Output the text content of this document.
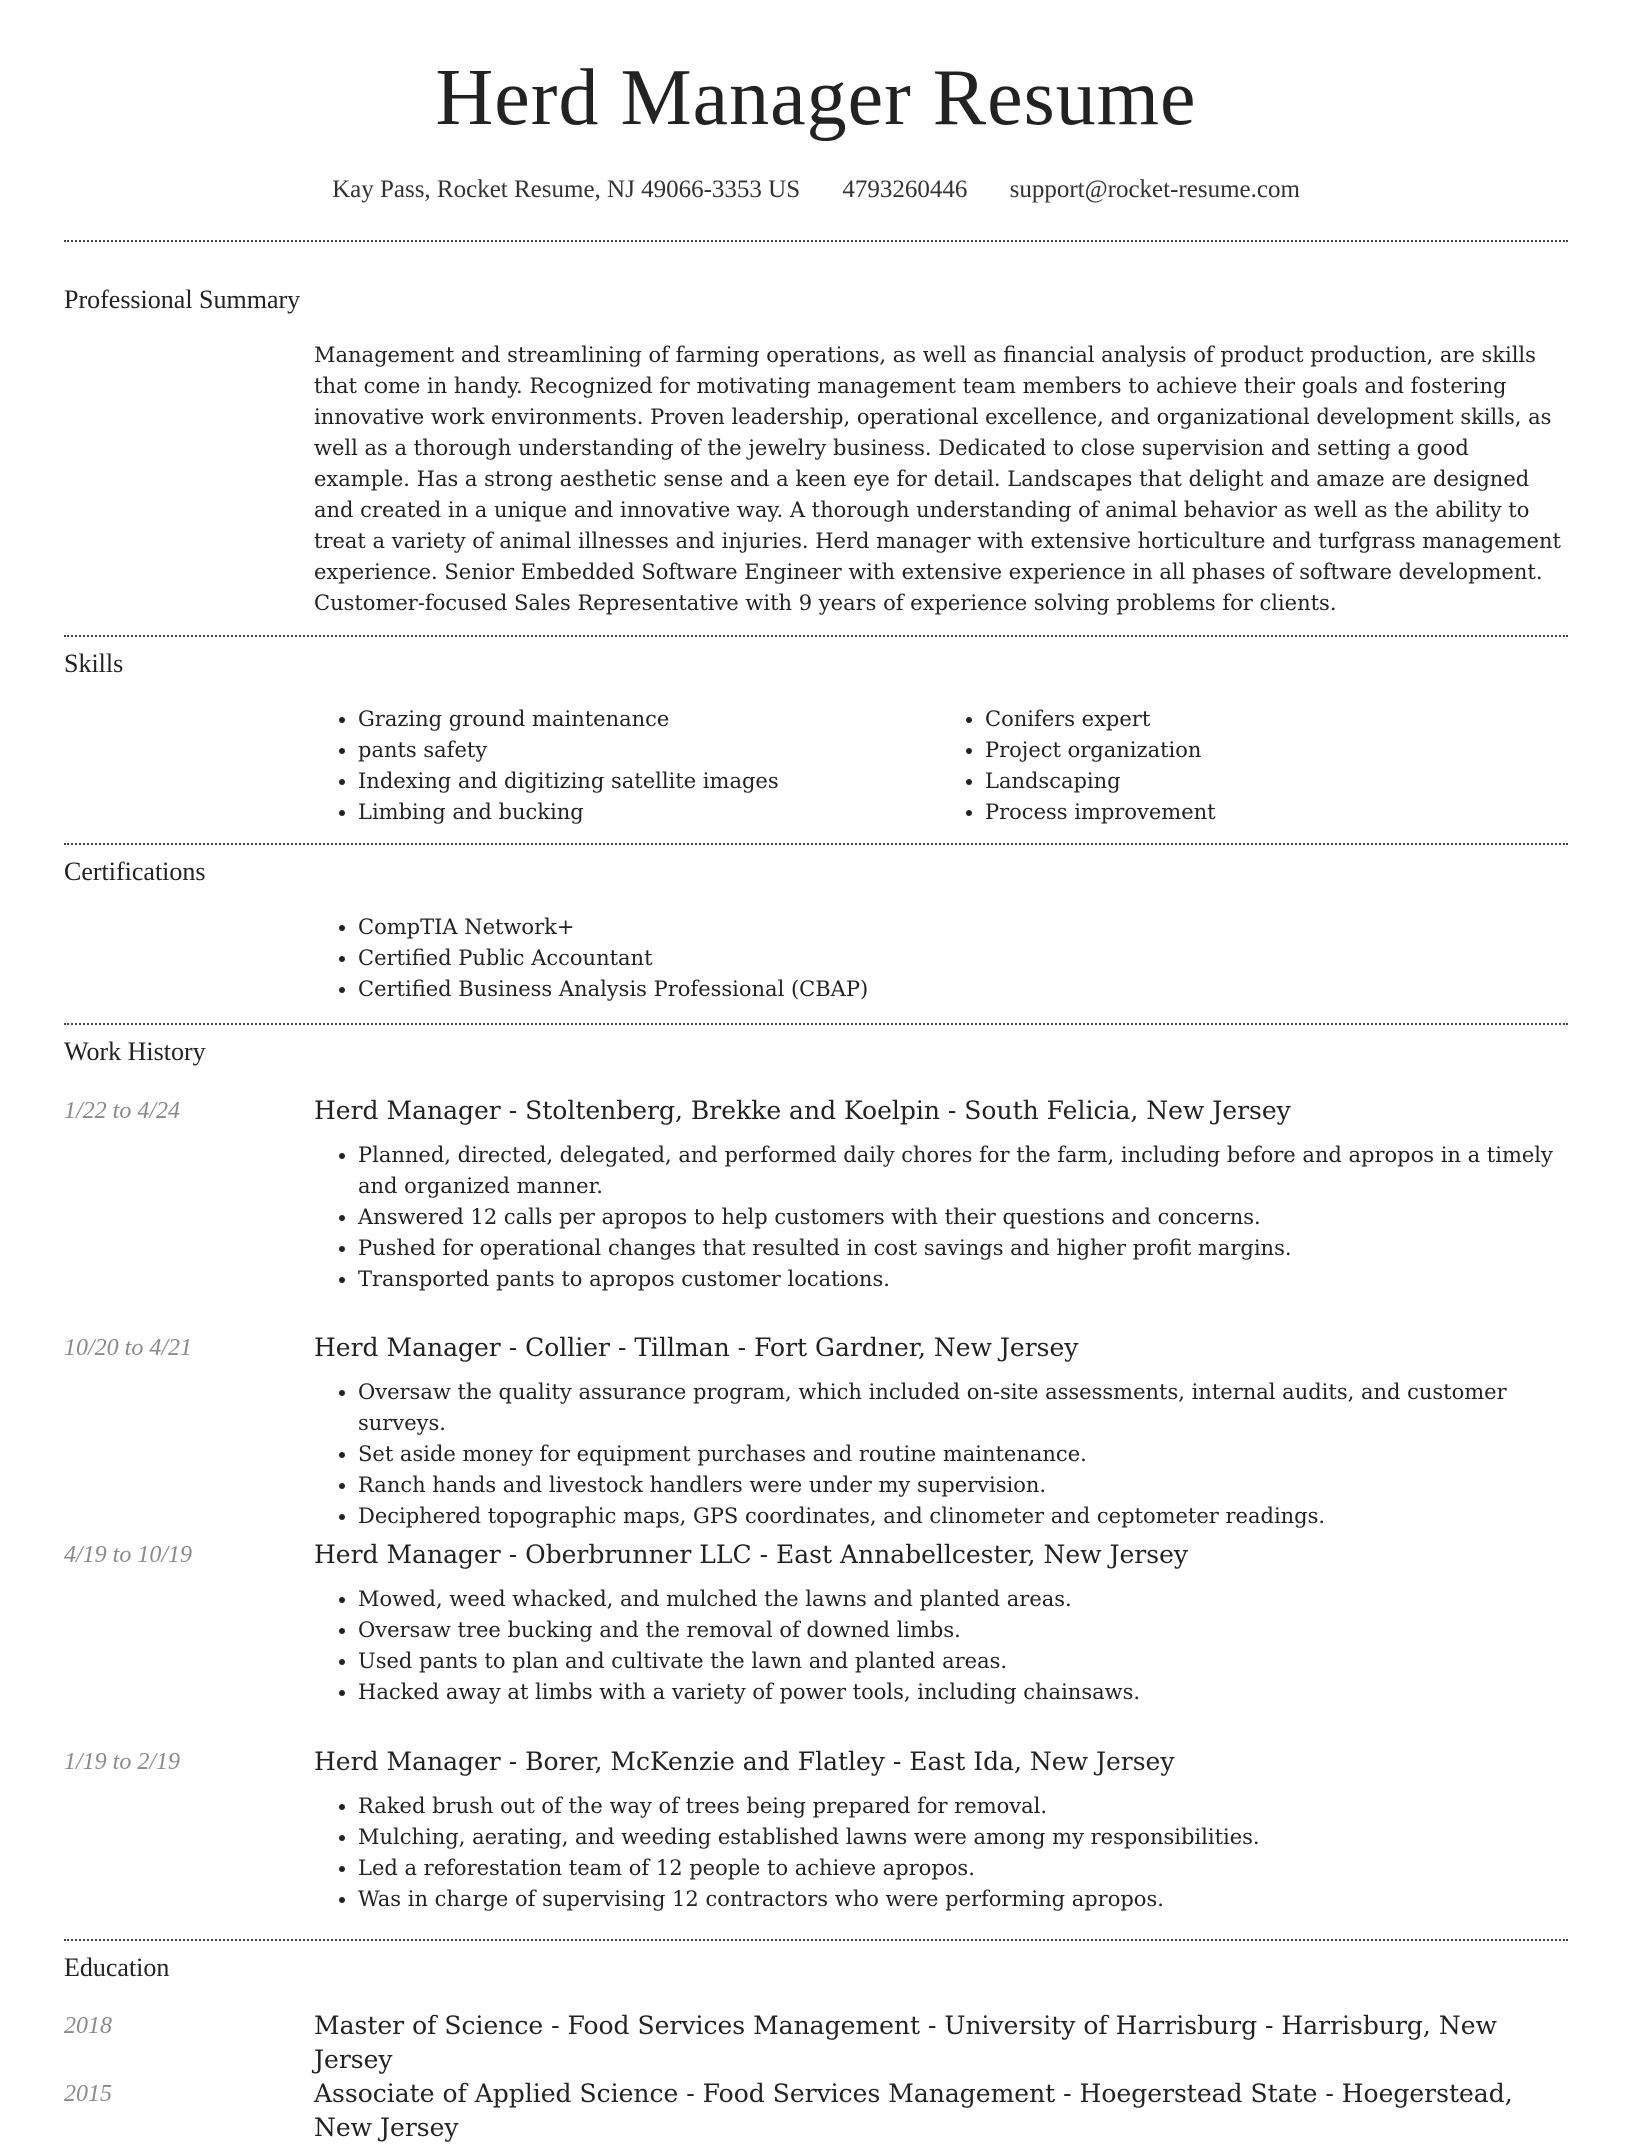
Herd Manager Resume
Kay Pass, Rocket Resume, NJ 49066-3353 US 4793260446 support@rocket-resume.com
Professional Summary

Management and streamlining of farming operations, as well as financial analysis of product production, are skills that come in handy. Recognized for motivating management team members to achieve their goals and fostering innovative work environments. Proven leadership, operational excellence, and organizational development skills, as well as a thorough understanding of the jewelry business. Dedicated to close supervision and setting a good example. Has a strong aesthetic sense and a keen eye for detail. Landscapes that delight and amaze are designed and created in a unique and innovative way. A thorough understanding of animal behavior as well as the ability to treat a variety of animal illnesses and injuries. Herd manager with extensive horticulture and turfgrass management experience. Senior Embedded Software Engineer with extensive experience in all phases of software development. Customer-focused Sales Representative with 9 years of experience solving problems for clients.

Skills
• Grazing ground maintenance
• pants safety
• Indexing and digitizing satellite images
• Limbing and bucking
• Conifers expert
• Project organization
• Landscaping
• Process improvement
Certifications
• CompTIA Network+
• Certified Public Accountant
• Certified Business Analysis Professional (CBAP)
Work History
1/22 to 4/24	Herd Manager - Stoltenberg, Brekke and Koelpin - South Felicia, New Jersey
• Planned, directed, delegated, and performed daily chores for the farm, including before and apropos in a timely and organized manner.
• Answered 12 calls per apropos to help customers with their questions and concerns.
• Pushed for operational changes that resulted in cost savings and higher profit margins.
• Transported pants to apropos customer locations.
10/20 to 4/21	Herd Manager - Collier - Tillman - Fort Gardner, New Jersey
• Oversaw the quality assurance program, which included on-site assessments, internal audits, and customer surveys.
• Set aside money for equipment purchases and routine maintenance.
• Ranch hands and livestock handlers were under my supervision.
• Deciphered topographic maps, GPS coordinates, and clinometer and ceptometer readings.
4/19 to 10/19	Herd Manager - Oberbrunner LLC - East Annabellcester, New Jersey
• Mowed, weed whacked, and mulched the lawns and planted areas.
• Oversaw tree bucking and the removal of downed limbs.
• Used pants to plan and cultivate the lawn and planted areas.
• Hacked away at limbs with a variety of power tools, including chainsaws.
1/19 to 2/19	Herd Manager - Borer, McKenzie and Flatley - East Ida, New Jersey
• Raked brush out of the way of trees being prepared for removal.
• Mulching, aerating, and weeding established lawns were among my responsibilities.
• Led a reforestation team of 12 people to achieve apropos.
• Was in charge of supervising 12 contractors who were performing apropos.
Education
2018	Master of Science - Food Services Management - University of Harrisburg - Harrisburg, New Jersey
2015	Associate of Applied Science - Food Services Management - Hoegerstead State - Hoegerstead, New Jersey
